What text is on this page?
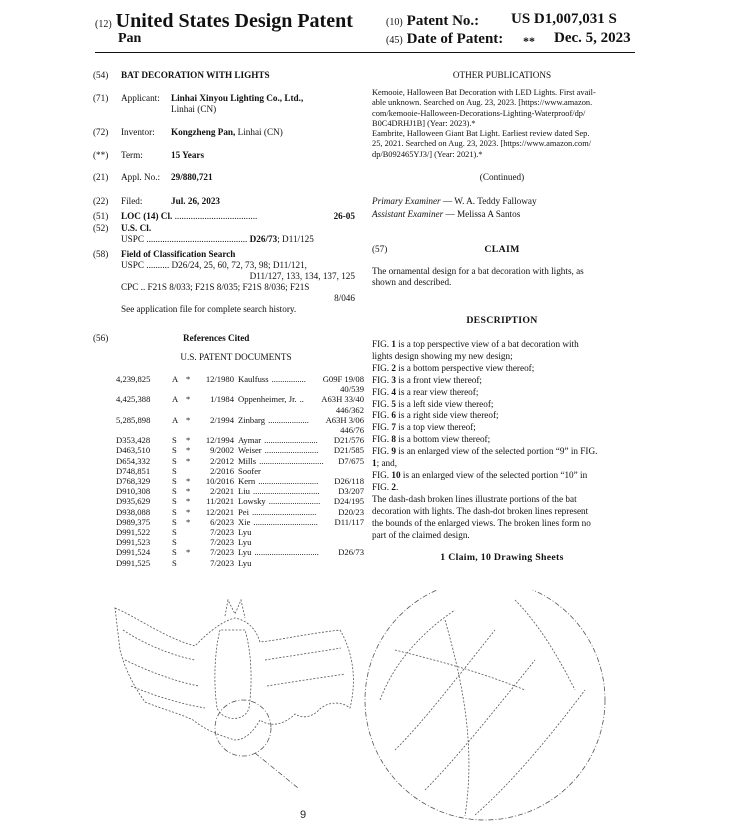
(12) United States Design Patent
Pan
(10) Patent No.: US D1,007,031 S
(45) Date of Patent: ** Dec. 5, 2023
(54) BAT DECORATION WITH LIGHTS
(71) Applicant: Linhai Xinyou Lighting Co., Ltd.,
Linhai (CN)
(72) Inventor: Kongzheng Pan, Linhai (CN)
(**) Term:	15 Years
(21) Appl. No.: 29/880,721
(22) Filed:	Jul. 26, 2023
(51) LOC (14) Cl. ....................................	26-05
(52) U.S. Cl.
USPC ............................................ D26/73; D11/125
(58) Field of Classification Search
USPC .......... D26/24, 25, 60, 72, 73, 98; D11/121,
D11/127, 133, 134, 137, 125
CPC .. F21S 8/033; F21S 8/035; F21S 8/036; F21S
8/046
See application file for complete search history.
(56)	References Cited
U.S. PATENT DOCUMENTS
4,239,825	A *	12/1980 Kaulfuss ................	G09F 19/08
40/539
4,425,388	A *	1/1984 Oppenheimer, Jr. ..	A63H 33/40
446/362
5,285,898	A *	2/1994 Zinbarg ...................	A63H 3/06
446/76
D353,428	S	*	12/1994 Aymar .........................	D21/576
D463,510	S	*	9/2002 Weiser .........................	D21/585
D654,332	S	*	2/2012 Mills ..............................	D7/675
D748,851	S	2/2016 Soofer
D768,329	S	*	10/2016 Kern ............................	D26/118
D910,308	S	*	2/2021 Liu ...............................	D3/207
D935,629	S	*	11/2021 Lowsky ........................	D24/195
D938,088	S	*	12/2021 Pei ..............................	D20/23
D989,375	S	*	6/2023 Xie ..............................	D11/117
D991,522	S	7/2023 Lyu
D991,523	S	7/2023 Lyu
D991,524	S	*	7/2023 Lyu ..............................	D26/73
D991,525	S	7/2023 Lyu
OTHER PUBLICATIONS
Kemooie, Halloween Bat Decoration with LED Lights. First avail-
able unknown. Searched on Aug. 23, 2023. [https://www.amazon.
com/kemooie-Halloween-Decorations-Lighting-Waterproof/dp/
B0C4DRHJ1B] (Year: 2023).*
Eambrite, Halloween Giant Bat Light. Earliest review dated Sep.
25, 2021. Searched on Aug. 23, 2023. [https://www.amazon.com/
dp/B092465YJ3/] (Year: 2021).*
(Continued)
Primary Examiner — W. A. Teddy Falloway
Assistant Examiner — Melissa A Santos
(57)	CLAIM
The ornamental design for a bat decoration with lights, as
shown and described.
DESCRIPTION
FIG. 1 is a top perspective view of a bat decoration with
lights design showing my new design;
FIG. 2 is a bottom perspective view thereof;
FIG. 3 is a front view thereof;
FIG. 4 is a rear view thereof;
FIG. 5 is a left side view thereof;
FIG. 6 is a right side view thereof;
FIG. 7 is a top view thereof;
FIG. 8 is a bottom view thereof;
FIG. 9 is an enlarged view of the selected portion “9” in FIG.
1; and,
FIG. 10 is an enlarged view of the selected portion “10” in
FIG. 2.
The dash-dash broken lines illustrate portions of the bat
decoration with lights. The dash-dot broken lines represent
the bounds of the enlarged views. The broken lines form no
part of the claimed design.
1 Claim, 10 Drawing Sheets
9
